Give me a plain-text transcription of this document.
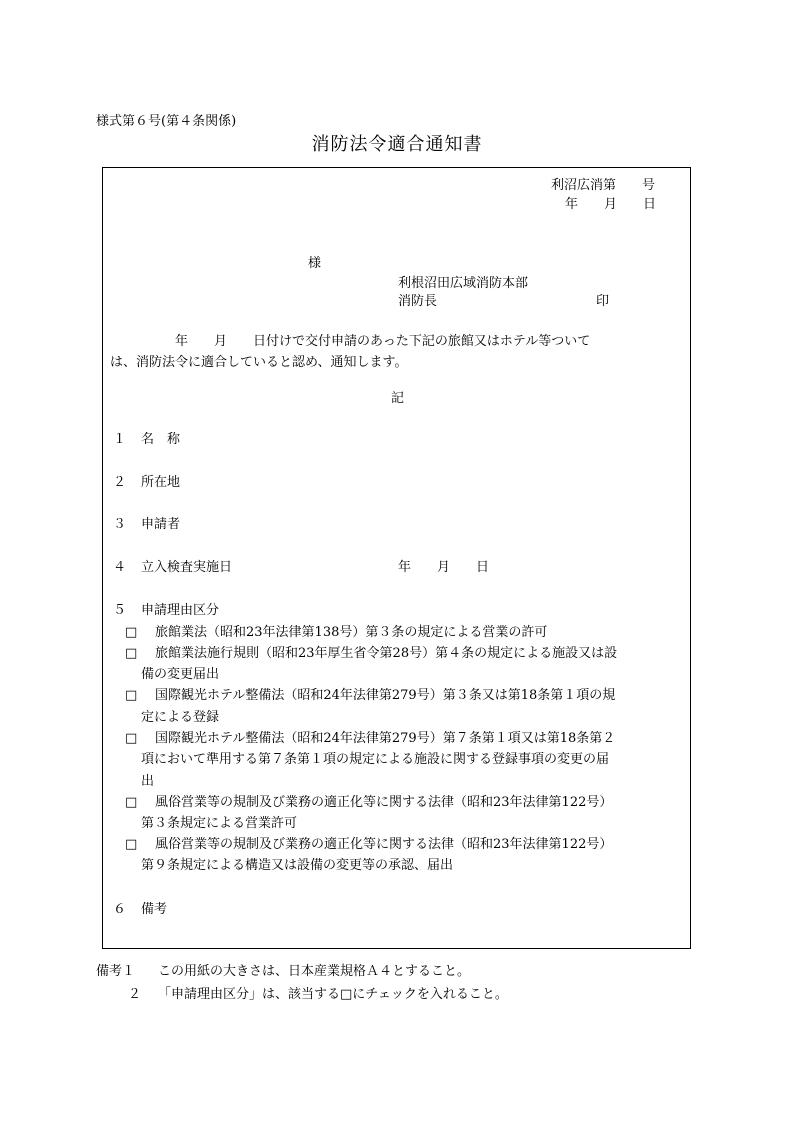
様式第６号(第４条関係)
消防法令適合通知書
利沼広消第　　号
年　　月　　日
様
利根沼田広域消防本部
消防長	印
年　　月　　日付けで交付申請のあった下記の旅館又はホテル等ついて
は、消防法令に適合していると認め、通知します。
記
１ 名　称
２ 所在地
３ 申請者
４ 立入検査実施日	年　　月　　日
５ 申請理由区分
□ 旅館業法（昭和23年法律第138号）第３条の規定による営業の許可
□ 旅館業法施行規則（昭和23年厚生省令第28号）第４条の規定による施設又は設
備の変更届出
□ 国際観光ホテル整備法（昭和24年法律第279号）第３条又は第18条第１項の規
定による登録
□ 国際観光ホテル整備法（昭和24年法律第279号）第７条第１項又は第18条第２
項において準用する第７条第１項の規定による施設に関する登録事項の変更の届
出
□ 風俗営業等の規制及び業務の適正化等に関する法律（昭和23年法律第122号）
第３条規定による営業許可
□ 風俗営業等の規制及び業務の適正化等に関する法律（昭和23年法律第122号）
第９条規定による構造又は設備の変更等の承認、届出
６ 備考
備考１ この用紙の大きさは、日本産業規格Ａ４とすること。
２ 「申請理由区分」は、該当する□にチェックを入れること。
